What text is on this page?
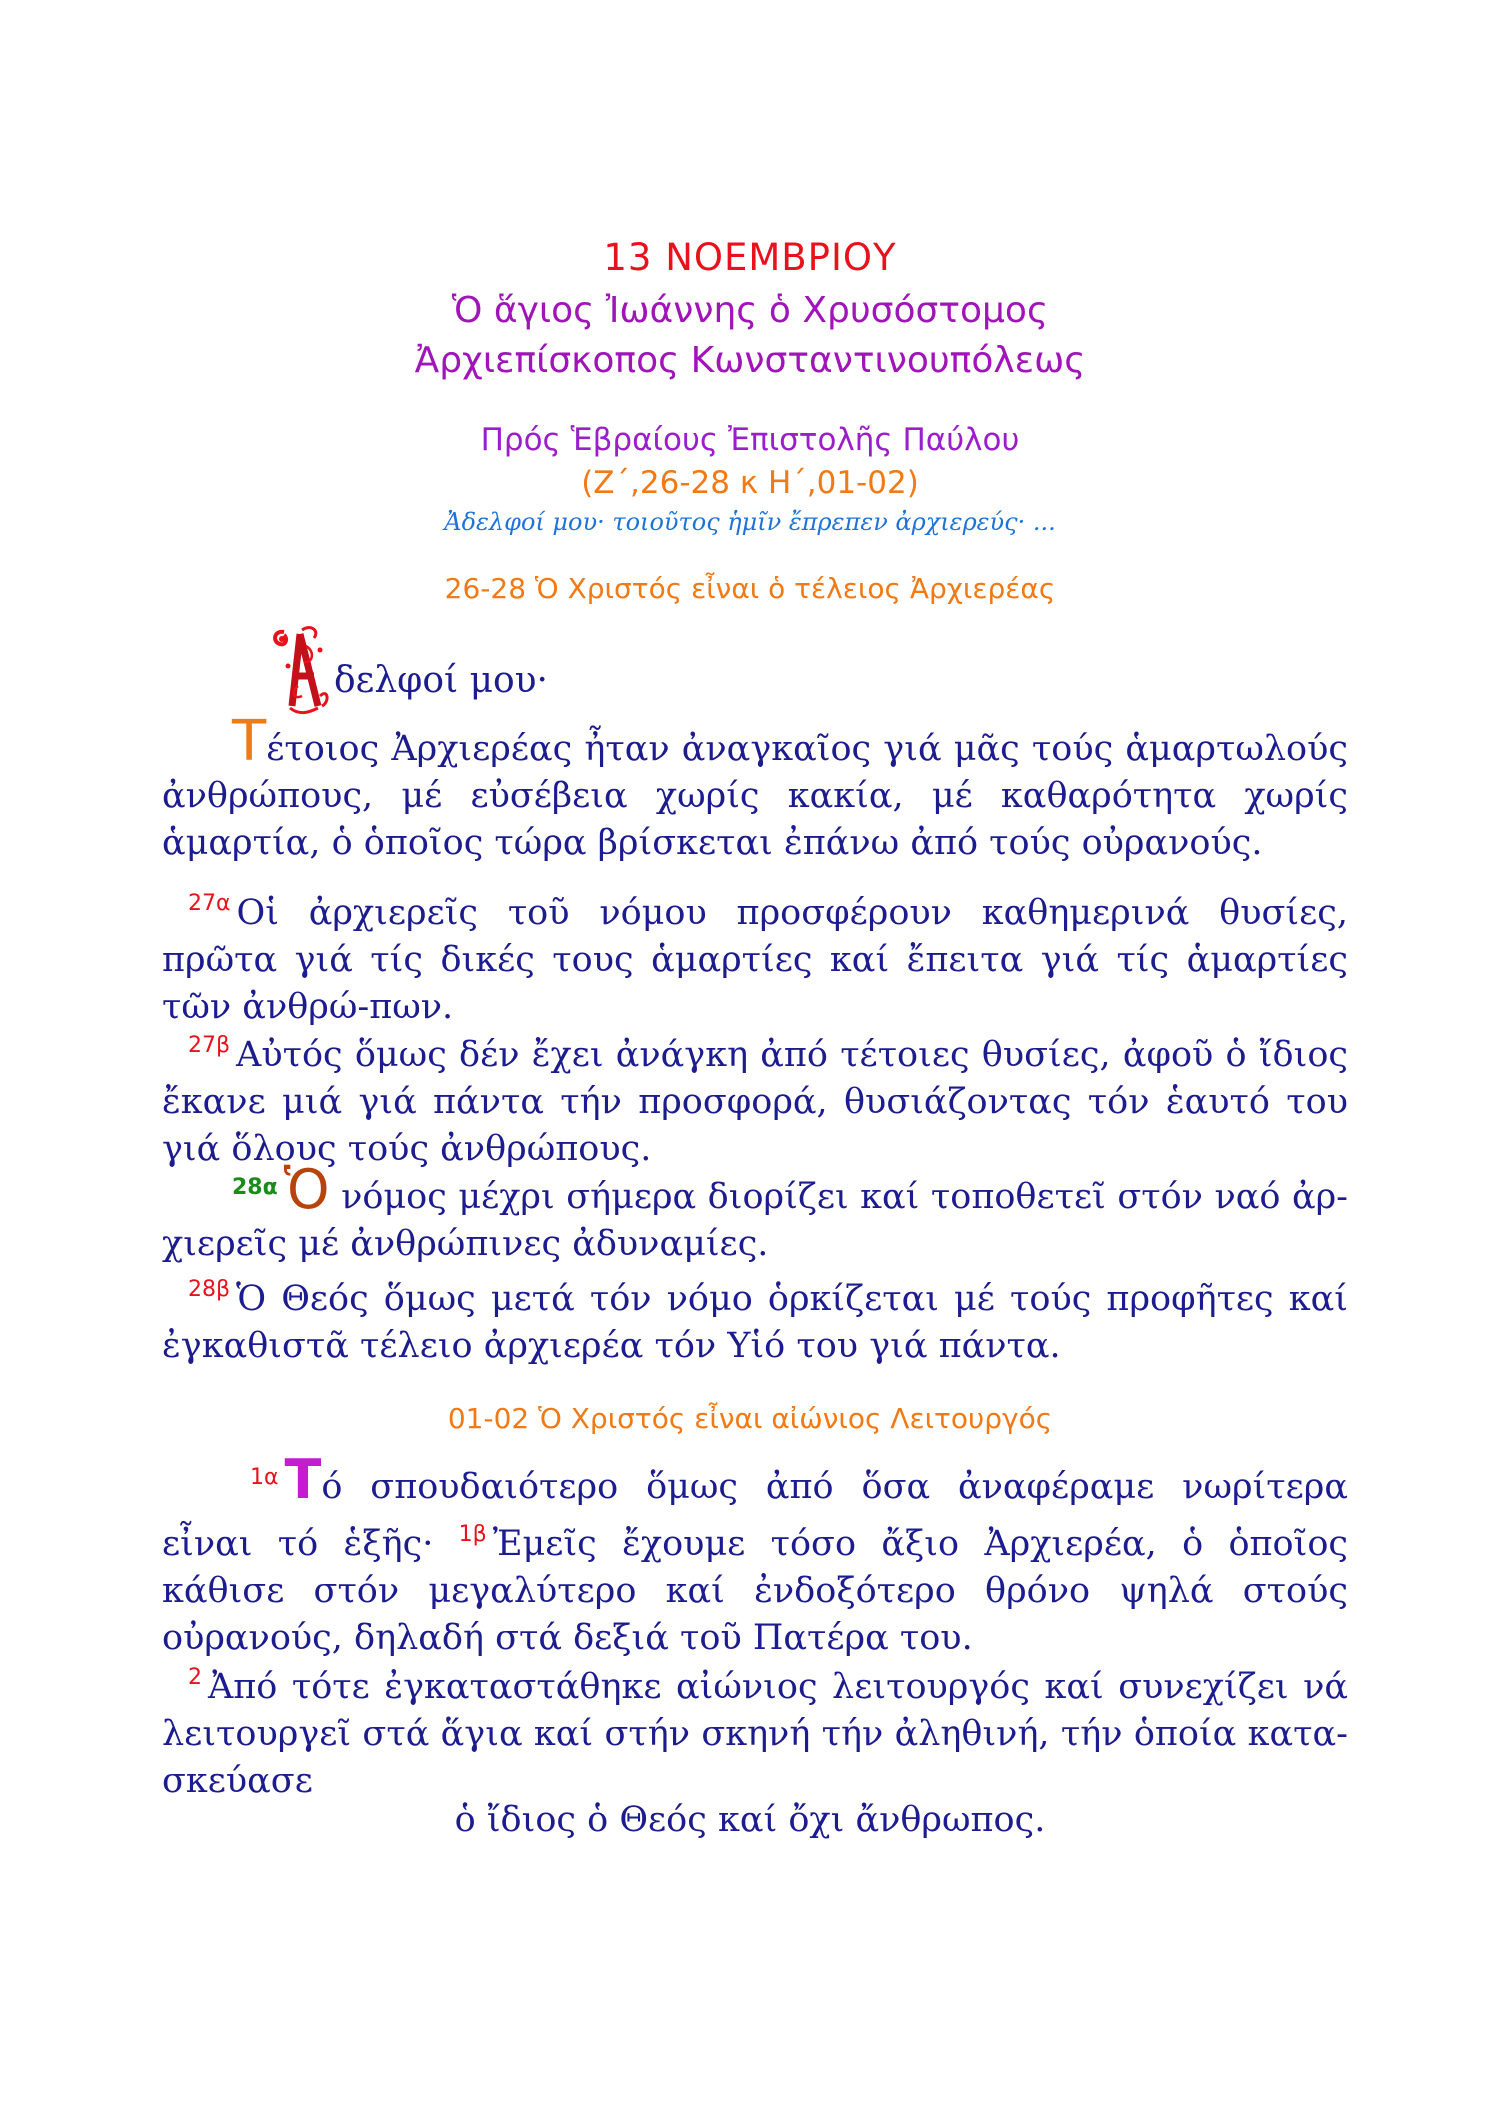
13 ΝΟΕΜΒΡΙΟΥ
Ὁ ἅγιος Ἰωάννης ὁ Χρυσόστομος
Ἀρχιεπίσκοπος Κωνσταντινουπόλεως
Πρός Ἑβραίους Ἐπιστολῆς Παύλου
(Ζ΄,26-28 κ Η΄,01-02)
Ἀδελφοί μου· τοιοῦτος ἡμῖν ἔπρεπεν ἀρχιερεύς· ...
26-28 Ὁ Χριστός εἶναι ὁ τέλειος Ἀρχιερέας
δελφοί μου·
Τέτοιος Ἀρχιερέας ἦταν ἀναγκαῖος γιά μᾶς τούς ἁμαρτωλούς ἀνθρώπους, μέ εὐσέβεια χωρίς κακία, μέ καθαρότητα χωρίς ἁμαρτία, ὁ ὁποῖος τώρα βρίσκεται ἐπάνω ἀπό τούς οὐρανούς.
$^{27\alpha}$ Οἱ ἀρχιερεῖς τοῦ νόμου προσφέρουν καθημερινά θυσίες, πρῶτα γιά τίς δικές τους ἁμαρτίες καί ἔπειτα γιά τίς ἁμαρτίες τῶν ἀνθρώ-πων.
$^{27\beta}$ Αὐτός ὅμως δέν ἔχει ἀνάγκη ἀπό τέτοιες θυσίες, ἀφοῦ ὁ ἴδιος ἔκανε μιά γιά πάντα τήν προσφορά, θυσιάζοντας τόν ἑαυτό του γιά ὅλους τούς ἀνθρώπους.
$^{28\alpha}$ Ὁ νόμος μέχρι σήμερα διορίζει καί τοποθετεῖ στόν ναό ἀρ-χιερεῖς μέ ἀνθρώπινες ἀδυναμίες.
$^{28\beta}$ Ὁ Θεός ὅμως μετά τόν νόμο ὁρκίζεται μέ τούς προφῆτες καί ἐγκαθιστᾶ τέλειο ἀρχιερέα τόν Υἱό του γιά πάντα.
01-02 Ὁ Χριστός εἶναι αἰώνιος Λειτουργός
$^{1\alpha}$ Τό σπουδαιότερο ὅμως ἀπό ὅσα ἀναφέραμε νωρίτερα εἶναι τό ἑξῆς· $^{1\beta}$ Ἐμεῖς ἔχουμε τόσο ἄξιο Ἀρχιερέα, ὁ ὁποῖος κάθισε στόν μεγαλύτερο καί ἐνδοξότερο θρόνο ψηλά στούς οὐρανούς, δηλαδή στά δεξιά τοῦ Πατέρα του.
$^2$ Ἀπό τότε ἐγκαταστάθηκε αἰώνιος λειτουργός καί συνεχίζει νά λειτουργεῖ στά ἅγια καί στήν σκηνή τήν ἀληθινή, τήν ὁποία κατα-σκεύασε
ὁ ἴδιος ὁ Θεός καί ὄχι ἄνθρωπος.
